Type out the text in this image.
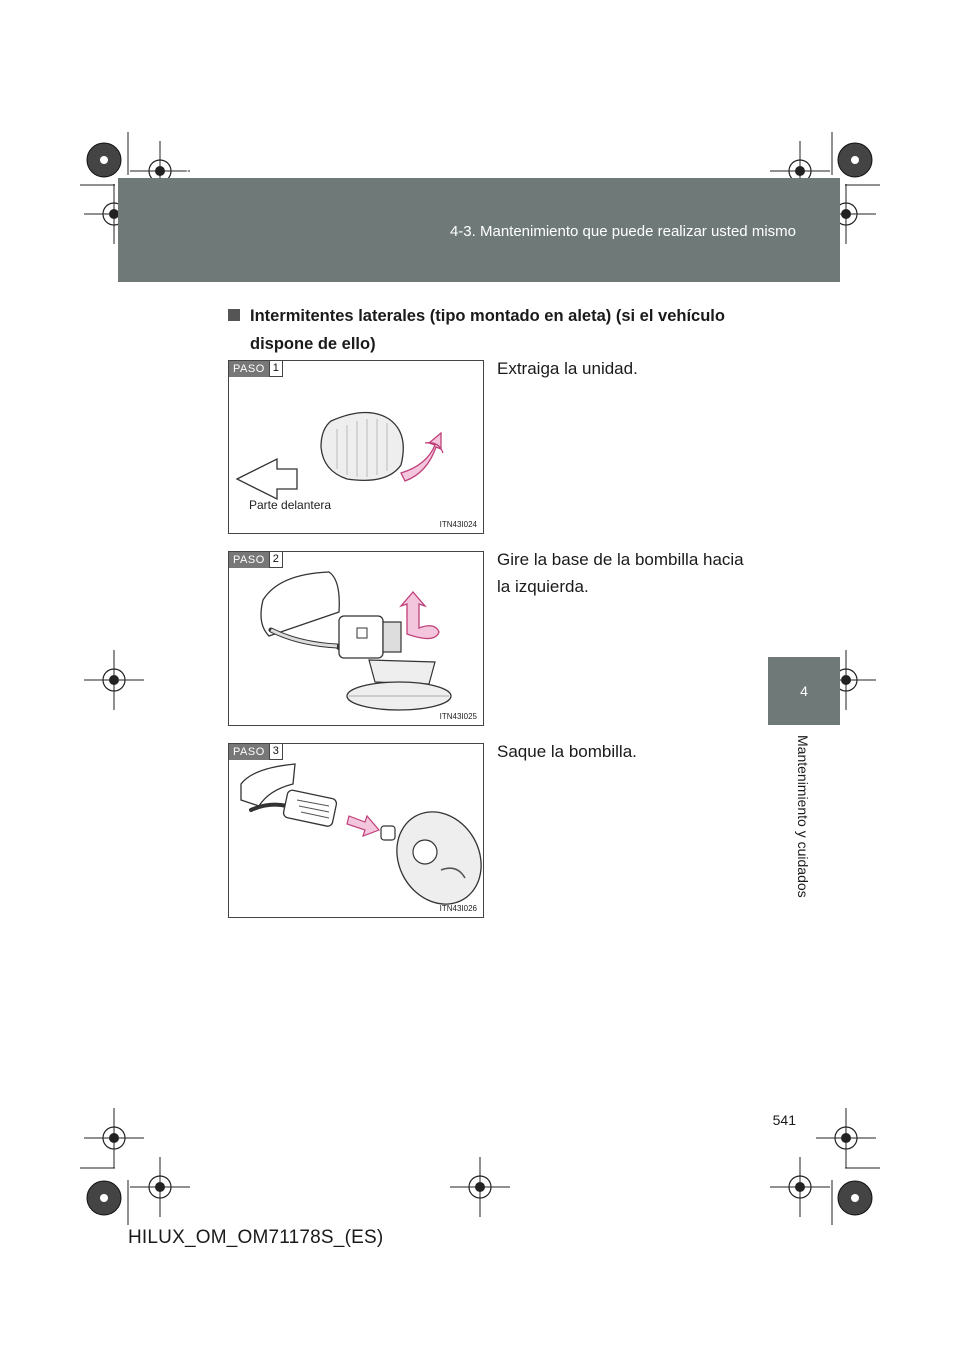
HILUX_OM_OM71178S_(ES).book Page 541 Wednesday, May 16, 2012 3:09 PM
4-3. Mantenimiento que puede realizar usted mismo
4
Mantenimiento y cuidados
Intermitentes laterales (tipo montado en aleta) (si el vehículo
dispone de ello)
PASO 1
Parte delantera
ITN43I024
Extraiga la unidad.
PASO 2
ITN43I025
Gire la base de la bombilla hacia
la izquierda.
PASO 3
ITN43I026
Saque la bombilla.
541
HILUX_OM_OM71178S_(ES)
